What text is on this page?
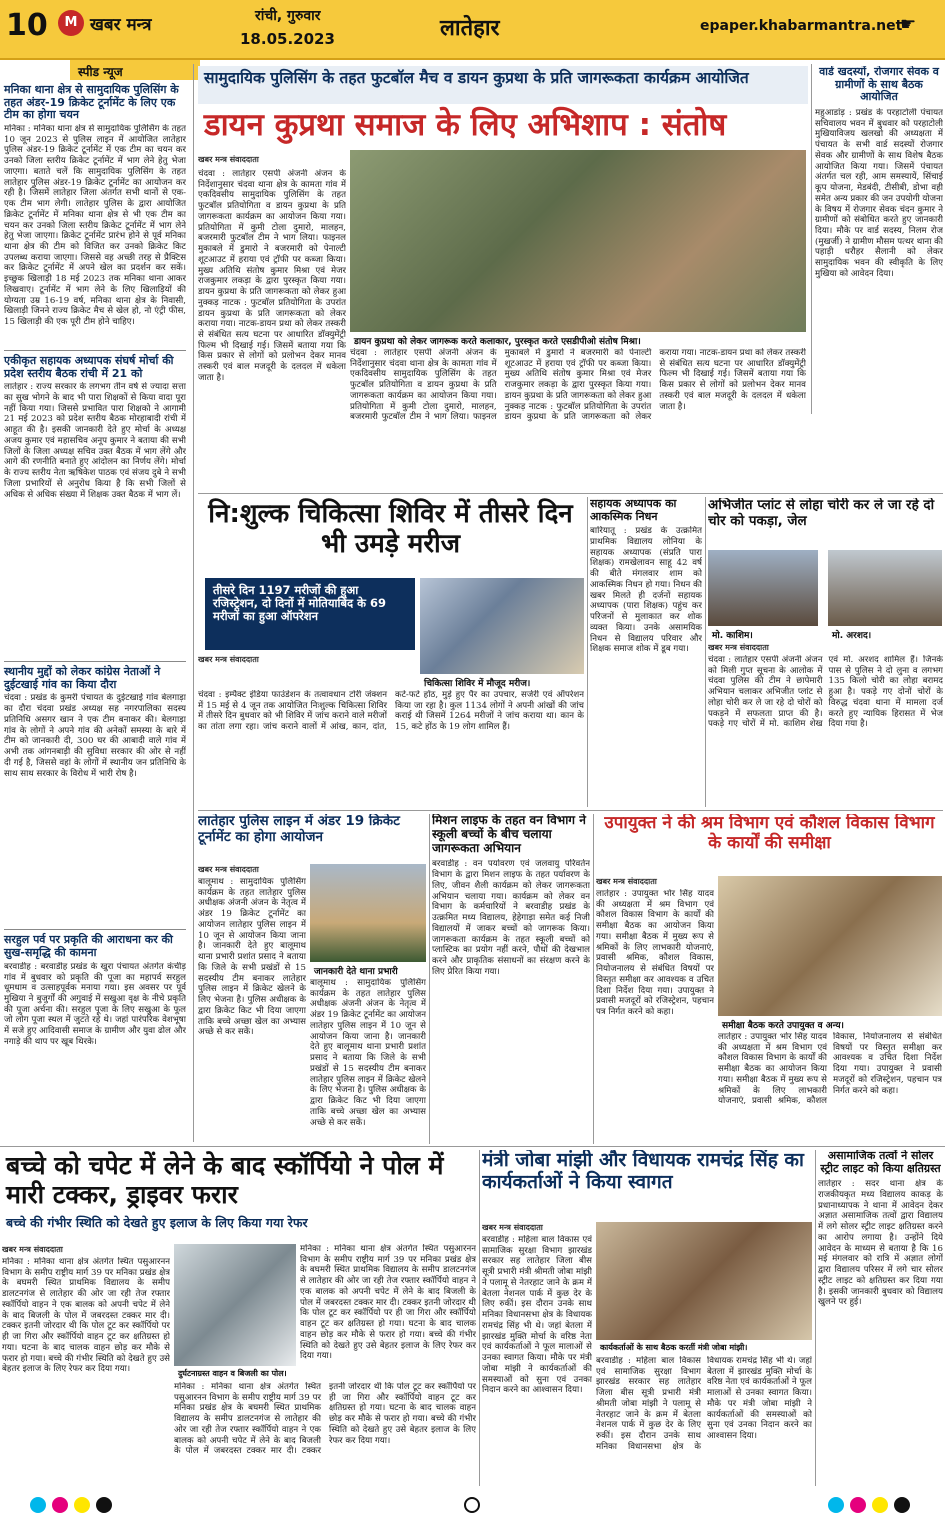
10	M खबर मन्त्र	रांची, गुरुवार
18.05.2023	लातेहार	epaper.khabarmantra.net
☛
स्पीड न्यूज
मनिका थाना क्षेत्र से सामुदायिक पुलिसिंग के तहत अंडर-19 क्रिकेट टूर्नामेंट के लिए एक टीम का होगा चयन
मनिका : मनिका थाना क्षेत्र से सामुदायिक पुलिसिंग के तहत 10 जून 2023 से पुलिस लाइन में आयोजित लातेहार पुलिस अंडर-19 क्रिकेट टूर्नामेंट में एक टीम का चयन कर उनको जिला स्तरीय क्रिकेट टूर्नामेंट में भाग लेने हेतु भेजा जाएगा। बताते चलें कि सामुदायिक पुलिसिंग के तहत लातेहार पुलिस अंडर-19 क्रिकेट टूर्नामेंट का आयोजन कर रही है। जिसमें लातेहार जिला अंतर्गत सभी थानों से एक-एक टीम भाग लेगी। लातेहार पुलिस के द्वारा आयोजित क्रिकेट टूर्नामेंट में मनिका थाना क्षेत्र से भी एक टीम का चयन कर उनको जिला स्तरीय क्रिकेट टूर्नामेंट में भाग लेने हेतु भेजा जाएगा। क्रिकेट टूर्नामेंट प्रारंभ होने से पूर्व मनिका थाना क्षेत्र की टीम को विजित कर उनको क्रिकेट किट उपलब्ध कराया जाएगा। जिससे वह अच्छी तरह से प्रैक्टिस कर क्रिकेट टूर्नामेंट में अपने खेल का प्रदर्शन कर सकें। इच्छुक खिलाड़ी 18 मई 2023 तक मनिका थाना आकर लिखवाए। टूर्नामेंट में भाग लेने के लिए खिलाड़ियों की योग्यता उम्र 16-19 वर्ष, मनिका थाना क्षेत्र के निवासी, खिलाड़ी जिनने राज्य क्रिकेट मैच से खेल हो, नो एंट्री फीस, 15 खिलाड़ी की एक पूरी टीम होने चाहिए।
एकीकृत सहायक अध्यापक संघर्ष मोर्चा की प्रदेश स्तरीय बैठक रांची में 21 को
लातेहार : राज्य सरकार के लगभग तीन वर्ष से ज्यादा सत्ता का सुख भोगने के बाद भी पारा शिक्षकों से किया वादा पूरा नहीं किया गया। जिससे प्रभावित पारा शिक्षको ने आगामी 21 मई 2023 को प्रदेश स्तरीय बैठक मोरहाबादी रांची में आहूत की है। इसकी जानकारी देते हुए मोर्चा के अध्यक्ष अजय कुमार एवं महासचिव अनूप कुमार ने बताया की सभी जिलों के जिला अध्यक्ष सचिव उक्त बैठक में भाग लेंगे और आगे की रणनीति बनाते हुए आंदोलन का निर्णय लेंगे। मोर्चा के राज्य स्तरीय नेता ऋषिकेश पाठक एवं संजय दुबे ने सभी जिला प्रभारियों से अनुरोध किया है कि सभी जिलों से अधिक से अधिक संख्या में शिक्षक उक्त बैठक में भाग लें।
स्थानीय मुद्दों को लेकर कांग्रेस नेताओं ने दुईटखाई गांव का किया दौरा
चंदवा : प्रखंड के कुमरी पंचायत के दुईटखाई गांव बेलगाड़ा का दौरा चंदवा प्रखंड अध्यक्ष सह नगरपालिका सदस्य प्रतिनिधि असगर खान ने एक टीम बनाकर की। बेलगाड़ा गांव के लोगों ने अपने गांव की अनेकों समस्या के बारे में टीम को जानकारी दी, 300 घर की आबादी वाले गांव में अभी तक आंगनबाड़ी की सुविधा सरकार की ओर से नहीं दी गई है, जिससे वहां के लोगों में स्थानीय जन प्रतिनिधि के साथ साथ सरकार के विरोध में भारी रोष है।
सरहुल पर्व पर प्रकृति की आराधना कर की सुख-समृद्धि की कामना
बरवाडीह : बरवाडीह प्रखंड के खुरा पंचायत अंतर्गत कंचीड़ गांव में बुधवार को प्रकृति की पूजा का महापर्व सरहुल धूमधाम व उत्साहपूर्वक मनाया गया। इस अवसर पर पूर्व मुखिया ने बुजुर्गों की अगुवाई में सखुआ वृक्ष के नीचे प्रकृति की पूजा अर्चना की। सरहुल पूजा के लिए सखुआ के फूल जो लोग पूजा स्थल में जुटते रहे थे। जहां पारंपरिक वेशभूषा में सजे हुए आदिवासी समाज के ग्रामीण और युवा ढोल और नगाड़े की थाप पर खूब थिरके।
सामुदायिक पुलिसिंग के तहत फुटबॉल मैच व डायन कुप्रथा के प्रति जागरूकता कार्यक्रम आयोजित
डायन कुप्रथा समाज के लिए अभिशाप : संतोष
खबर मन्त्र संवाददाता
चंदवा : लातेहार एसपी अंजनी अंजन के निर्देशानुसार चंदवा थाना क्षेत्र के कामता गांव में एकदिवसीय सामुदायिक पुलिसिंग के तहत फुटबॉल प्रतियोगिता व डायन कुप्रथा के प्रति जागरूकता कार्यक्रम का आयोजन किया गया। प्रतियोगिता में कुमी टोला दुमारो, मालहन, बजरमारी फुटबॉल टीम ने भाग लिया। फाइनल मुकाबले में डुमारो ने बजरमारी को पेनाल्टी शूटआउट में हराया एवं ट्रॉफी पर कब्जा किया। मुख्य अतिथि संतोष कुमार मिश्रा एवं मेजर राजकुमार लकड़ा के द्वारा पुरस्कृत किया गया। डायन कुप्रथा के प्रति जागरूकता को लेकर हुआ नुक्कड़ नाटक : फुटबॉल प्रतियोगिता के उपरांत डायन कुप्रथा के प्रति जागरूकता को लेकर कराया गया। नाटक-डायन प्रथा को लेकर तस्करी से संबंधित सत्य घटना पर आधारित डॉक्युमेंट्री फिल्म भी दिखाई गई। जिसमें बताया गया कि किस प्रकार से लोगों को प्रलोभन देकर मानव तस्करी एवं बाल मजदूरी के दलदल में धकेला जाता है।
डायन कुप्रथा को लेकर जागरूक करते कलाकार, पुरस्कृत करते एसडीपीओ संतोष मिश्रा।
चंदवा : लातेहार एसपी अंजनी अंजन के निर्देशानुसार चंदवा थाना क्षेत्र के कामता गांव में एकदिवसीय सामुदायिक पुलिसिंग के तहत फुटबॉल प्रतियोगिता व डायन कुप्रथा के प्रति जागरूकता कार्यक्रम का आयोजन किया गया। प्रतियोगिता में कुमी टोला दुमारो, मालहन, बजरमारी फुटबॉल टीम ने भाग लिया। फाइनल मुकाबले में डुमारो ने बजरमारी को पेनाल्टी शूटआउट में हराया एवं ट्रॉफी पर कब्जा किया। मुख्य अतिथि संतोष कुमार मिश्रा एवं मेजर राजकुमार लकड़ा के द्वारा पुरस्कृत किया गया। डायन कुप्रथा के प्रति जागरूकता को लेकर हुआ नुक्कड़ नाटक : फुटबॉल प्रतियोगिता के उपरांत डायन कुप्रथा के प्रति जागरूकता को लेकर कराया गया। नाटक-डायन प्रथा को लेकर तस्करी से संबंधित सत्य घटना पर आधारित डॉक्युमेंट्री फिल्म भी दिखाई गई। जिसमें बताया गया कि किस प्रकार से लोगों को प्रलोभन देकर मानव तस्करी एवं बाल मजदूरी के दलदल में धकेला जाता है।
वार्ड खदस्यों, रोजगार सेवक व ग्रामीणों के साथ बैठक आयोजित
महुआडांड़ : प्रखंड के परहाटोली पंचायत सचिवालय भवन में बुधवार को परहाटोली मुखियाविजय खलखो की अध्यक्षता में पंचायत के सभी वार्ड सदस्यों रोजगार सेवक और ग्रामीणों के साथ विशेष बैठक आयोजित किया गया। जिसमें पंचायत अंतर्गत चल रही, आम समस्यायें, सिंचाई कूप योजना, मेडबंदी, टीसीबी, डोभा वही समेत अन्य प्रकार की जन उपयोगी योजना के विषय में रोजगार सेवक चंदन कुमार ने ग्रामीणों को संबोधित करते हुए जानकारी दिया। मौके पर वार्ड सदस्य, निलम रोज (मुखर्जी) ने ग्रामीण मौसम पत्थर थाना की पहाड़ी धरौहर सैलानी को लेकर सामुदायिक भवन की स्वीकृति के लिए मुखिया को आवेदन दिया।
नि:शुल्क चिकित्सा शिविर में तीसरे दिन भी उमड़े मरीज
तीसरे दिन 1197 मरीजों की हुआ रजिस्ट्रेशन, दो दिनों में मोतियाबिंद के 69 मरीजों का हुआ ऑपरेशन
चिकित्सा शिविर में मौजूद मरीज।
खबर मन्त्र संवाददाता
चंदवा : इम्पैक्ट इंडिया फाउंडेशन के तत्वावधान टोरी जंक्शन में 15 मई से 4 जून तक आयोजित निःशुल्क चिकित्सा शिविर में तीसरे दिन बुधवार को भी शिविर में जांच कराने वाले मरीजों का तांता लगा रहा। जांच कराने वालों में आंख, कान, दांत, कटे-फटे होंठ, मुड़े हुए पैर का उपचार, सर्जरी एवं ऑपरेशन किया जा रहा है। कुल 1134 लोगों ने अपनी आंखों की जांच कराई थी जिसमें 1264 मरीजों ने जांच कराया था। कान के 15, कटे होंठ के 19 लोग शामिल हैं।
सहायक अध्यापक का आकस्मिक निधन
बारियातू : प्रखंड के उत्क्रमित प्राथमिक विद्यालय लोनिया के सहायक अध्यापक (संप्रति पारा शिक्षक) रामखेलावन साहू 42 वर्ष की बीते मंगलवार शाम को आकस्मिक निधन हो गया। निधन की खबर मिलते ही दर्जनों सहायक अध्यापक (पारा शिक्षक) पहुंच कर परिजनों से मुलाकात कर शोक व्यक्त किया। उनके असामयिक निधन से विद्यालय परिवार और शिक्षक समाज शोक में डूब गया।
अभिजीत प्लांट से लोहा चोरी कर ले जा रहे दो चोर को पकड़ा, जेल
मो. काशिम।	मो. अरशद।
खबर मन्त्र संवाददाता
चंदवा : लातेहार एसपी अंजनी अंजन को मिली गुप्त सूचना के आलोक में चंदवा पुलिस की टीम ने छापेमारी अभियान चलाकर अभिजीत प्लांट से लोहा चोरी कर ले जा रहे दो चोरों को पकड़ने में सफलता प्राप्त की है। पकड़े गए चोरों में मो. काशिम शेख एवं मो. अरशद शामिल हैं। जिनके पास से पुलिस ने दो लुना व लगभग 135 किलो चोरी का लोहा बरामद हुआ है। पकड़े गए दोनों चोरों के विरुद्ध चंदवा थाना में मामला दर्ज करते हुए न्यायिक हिरासत में भेज दिया गया है।
लातेहार पुलिस लाइन में अंडर 19 क्रिकेट टूर्नामेंट का होगा आयोजन
खबर मन्त्र संवाददाता
बालूमाथ : सामुदायिक पुलिसिंग कार्यक्रम के तहत लातेहार पुलिस अधीक्षक अंजनी अंजन के नेतृत्व में अंडर 19 क्रिकेट टूर्नामेंट का आयोजन लातेहार पुलिस लाइन में 10 जून से आयोजन किया जाना है। जानकारी देते हुए बालूमाथ थाना प्रभारी प्रशांत प्रसाद ने बताया कि जिले के सभी प्रखंडों से 15 सदस्यीय टीम बनाकर लातेहार पुलिस लाइन में क्रिकेट खेलने के लिए भेजना है। पुलिस अधीक्षक के द्वारा क्रिकेट किट भी दिया जाएगा ताकि बच्चे अच्छा खेल का अभ्यास अच्छे से कर सकें।
जानकारी देते थाना प्रभारी
बालूमाथ : सामुदायिक पुलिसिंग कार्यक्रम के तहत लातेहार पुलिस अधीक्षक अंजनी अंजन के नेतृत्व में अंडर 19 क्रिकेट टूर्नामेंट का आयोजन लातेहार पुलिस लाइन में 10 जून से आयोजन किया जाना है। जानकारी देते हुए बालूमाथ थाना प्रभारी प्रशांत प्रसाद ने बताया कि जिले के सभी प्रखंडों से 15 सदस्यीय टीम बनाकर लातेहार पुलिस लाइन में क्रिकेट खेलने के लिए भेजना है। पुलिस अधीक्षक के द्वारा क्रिकेट किट भी दिया जाएगा ताकि बच्चे अच्छा खेल का अभ्यास अच्छे से कर सकें।
मिशन लाइफ के तहत वन विभाग ने स्कूली बच्चों के बीच चलाया जागरूकता अभियान
बरवाडीह : वन पर्यावरण एवं जलवायु परिवर्तन विभाग के द्वारा मिशन लाइफ के तहत पर्यावरण के लिए, जीवन शैली कार्यक्रम को लेकर जागरूकता अभियान चलाया गया। कार्यक्रम को लेकर वन विभाग के कर्मचारियों ने बरवाडीह प्रखंड के उत्क्रमित मध्य विद्यालय, हेहेगाड़ा समेत कई निजी विद्यालयों में जाकर बच्चों को जागरूक किया। जागरूकता कार्यक्रम के तहत स्कूली बच्चों को प्लास्टिक का प्रयोग नहीं करने, पौधों की देखभाल करने और प्राकृतिक संसाधनों का संरक्षण करने के लिए प्रेरित किया गया।
उपायुक्त ने की श्रम विभाग एवं कौशल विकास विभाग के कार्यों की समीक्षा
खबर मन्त्र संवाददाता
लातेहार : उपायुक्त भोर सिंह यादव की अध्यक्षता में श्रम विभाग एवं कौशल विकास विभाग के कार्यों की समीक्षा बैठक का आयोजन किया गया। समीक्षा बैठक में मुख्य रूप से श्रमिकों के लिए लाभकारी योजनाएं, प्रवासी श्रमिक, कौशल विकास, नियोजनालय से संबंधित विषयों पर विस्तृत समीक्षा कर आवश्यक व उचित दिशा निर्देश दिया गया। उपायुक्त ने प्रवासी मजदूरों को रजिस्ट्रेशन, पहचान पत्र निर्गत करने को कहा।
समीक्षा बैठक करते उपायुक्त व अन्य।
लातेहार : उपायुक्त भोर सिंह यादव की अध्यक्षता में श्रम विभाग एवं कौशल विकास विभाग के कार्यों की समीक्षा बैठक का आयोजन किया गया। समीक्षा बैठक में मुख्य रूप से श्रमिकों के लिए लाभकारी योजनाएं, प्रवासी श्रमिक, कौशल विकास, नियोजनालय से संबंधित विषयों पर विस्तृत समीक्षा कर आवश्यक व उचित दिशा निर्देश दिया गया। उपायुक्त ने प्रवासी मजदूरों को रजिस्ट्रेशन, पहचान पत्र निर्गत करने को कहा।
बच्चे को चपेट में लेने के बाद स्कॉर्पियो ने पोल में मारी टक्कर, ड्राइवर फरार
बच्चे की गंभीर स्थिति को देखते हुए इलाज के लिए किया गया रेफर
खबर मन्त्र संवाददाता
मनिका : मनिका थाना क्षेत्र अंतर्गत स्थित पसुआरनन विभाग के समीप राष्ट्रीय मार्ग 39 पर मनिका प्रखंड क्षेत्र के बघमरी स्थित प्राथमिक विद्यालय के समीप डालटनगंज से लातेहार की ओर जा रही तेज रफ्तार स्कॉर्पियो वाहन ने एक बालक को अपनी चपेट में लेने के बाद बिजली के पोल में जबरदस्त टक्कर मार दी। टक्कर इतनी जोरदार थी कि पोल टूट कर स्कॉर्पियो पर ही जा गिरा और स्कॉर्पियो वाहन टूट कर क्षतिग्रस्त हो गया। घटना के बाद चालक वाहन छोड़ कर मौके से फरार हो गया। बच्चे की गंभीर स्थिति को देखते हुए उसे बेहतर इलाज के लिए रेफर कर दिया गया।	दुर्घटनाग्रस्त वाहन व बिजली का पोल।
मनिका : मनिका थाना क्षेत्र अंतर्गत स्थित पसुआरनन विभाग के समीप राष्ट्रीय मार्ग 39 पर मनिका प्रखंड क्षेत्र के बघमरी स्थित प्राथमिक विद्यालय के समीप डालटनगंज से लातेहार की ओर जा रही तेज रफ्तार स्कॉर्पियो वाहन ने एक बालक को अपनी चपेट में लेने के बाद बिजली के पोल में जबरदस्त टक्कर मार दी। टक्कर इतनी जोरदार थी कि पोल टूट कर स्कॉर्पियो पर ही जा गिरा और स्कॉर्पियो वाहन टूट कर क्षतिग्रस्त हो गया। घटना के बाद चालक वाहन छोड़ कर मौके से फरार हो गया। बच्चे की गंभीर स्थिति को देखते हुए उसे बेहतर इलाज के लिए रेफर कर दिया गया।
मनिका : मनिका थाना क्षेत्र अंतर्गत स्थित पसुआरनन विभाग के समीप राष्ट्रीय मार्ग 39 पर मनिका प्रखंड क्षेत्र के बघमरी स्थित प्राथमिक विद्यालय के समीप डालटनगंज से लातेहार की ओर जा रही तेज रफ्तार स्कॉर्पियो वाहन ने एक बालक को अपनी चपेट में लेने के बाद बिजली के पोल में जबरदस्त टक्कर मार दी। टक्कर इतनी जोरदार थी कि पोल टूट कर स्कॉर्पियो पर ही जा गिरा और स्कॉर्पियो वाहन टूट कर क्षतिग्रस्त हो गया। घटना के बाद चालक वाहन छोड़ कर मौके से फरार हो गया। बच्चे की गंभीर स्थिति को देखते हुए उसे बेहतर इलाज के लिए रेफर कर दिया गया।
मंत्री जोबा मांझी और विधायक रामचंद्र सिंह का कार्यकर्ताओं ने किया स्वागत
खबर मन्त्र संवाददाता
बरवाडीह : महिला बाल विकास एवं सामाजिक सुरक्षा विभाग झारखंड सरकार सह लातेहार जिला बीस सूत्री प्रभारी मंत्री श्रीमती जोबा मांझी ने पलामू से नेतरहाट जाने के क्रम में बेतला नेशनल पार्क में कुछ देर के लिए रुकीं। इस दौरान उनके साथ मनिका विधानसभा क्षेत्र के विधायक रामचंद्र सिंह भी थे। जहां बेतला में झारखंड मुक्ति मोर्चा के वरिष्ठ नेता एवं कार्यकर्ताओं ने फूल मालाओं से उनका स्वागत किया। मौके पर मंत्री जोबा मांझी ने कार्यकर्ताओं की समस्याओं को सुना एवं उनका निदान करने का आश्वासन दिया।
कार्यकर्ताओं के साथ बैठक करतीं मंत्री जोबा मांझी।
बरवाडीह : महिला बाल विकास एवं सामाजिक सुरक्षा विभाग झारखंड सरकार सह लातेहार जिला बीस सूत्री प्रभारी मंत्री श्रीमती जोबा मांझी ने पलामू से नेतरहाट जाने के क्रम में बेतला नेशनल पार्क में कुछ देर के लिए रुकीं। इस दौरान उनके साथ मनिका विधानसभा क्षेत्र के विधायक रामचंद्र सिंह भी थे। जहां बेतला में झारखंड मुक्ति मोर्चा के वरिष्ठ नेता एवं कार्यकर्ताओं ने फूल मालाओं से उनका स्वागत किया। मौके पर मंत्री जोबा मांझी ने कार्यकर्ताओं की समस्याओं को सुना एवं उनका निदान करने का आश्वासन दिया।
असामाजिक तत्वों ने सोलर स्ट्रीट लाइट को किया क्षतिग्रस्त
लातेहार : सदर थाना क्षेत्र के राजकीयकृत मध्य विद्यालय काकड़ के प्रधानाध्यापक ने थाना में आवेदन देकर अज्ञात असामाजिक तत्वों द्वारा विद्यालय में लगे सोलर स्ट्रीट लाइट क्षतिग्रस्त करने का आरोप लगाया है। उन्होंने दिये आवेदन के माध्यम से बताया है कि 16 मई मंगलवार को रात्रि में अज्ञात लोगों द्वारा विद्यालय परिसर में लगे चार सोलर स्ट्रीट लाइट को क्षतिग्रस्त कर दिया गया है। इसकी जानकारी बुधवार को विद्यालय खुलने पर हुई।
